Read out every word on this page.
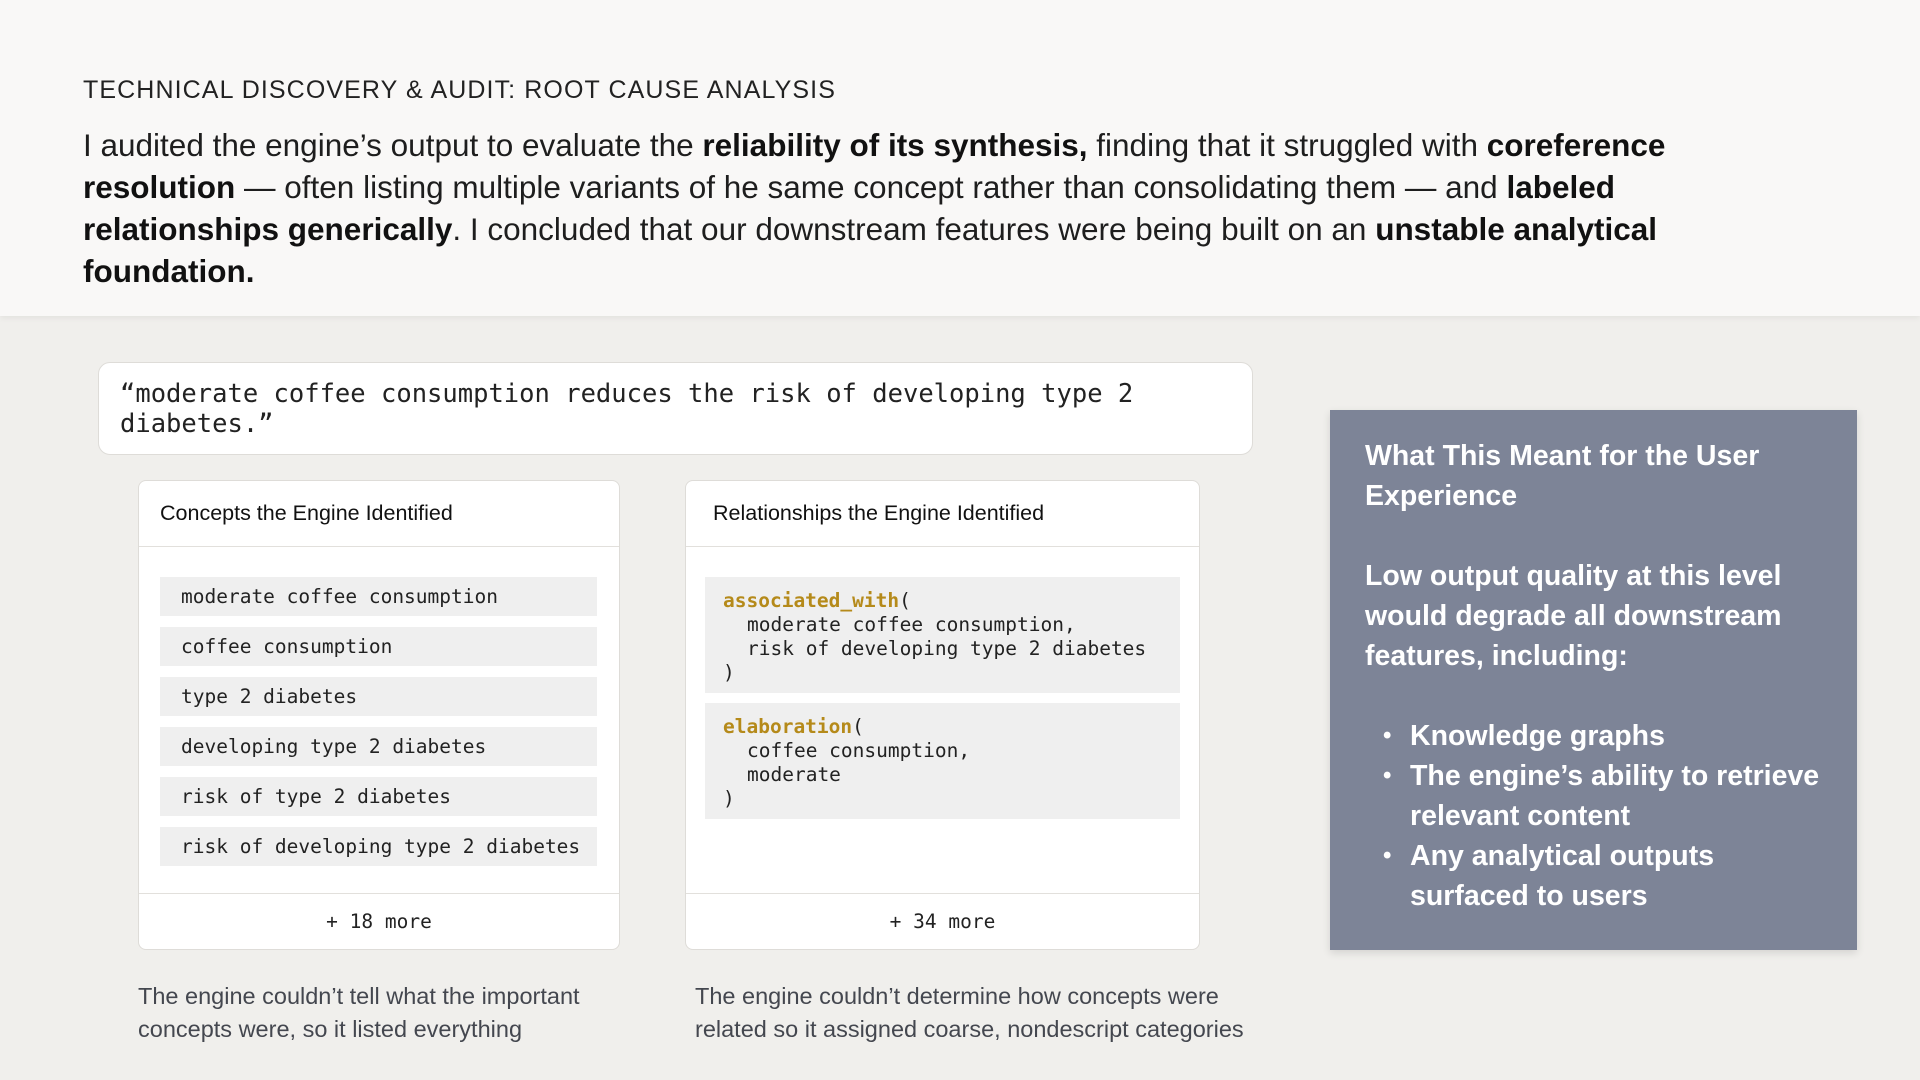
TECHNICAL DISCOVERY & AUDIT: ROOT CAUSE ANALYSIS

I audited the engine’s output to evaluate the reliability of its synthesis, finding that it struggled with coreference resolution — often listing multiple variants of he same concept rather than consolidating them — and labeled relationships generically. I concluded that our downstream features were being built on an unstable analytical foundation.

“moderate coffee consumption reduces the risk of developing type 2 diabetes.”
Concepts the Engine Identified
moderate coffee consumption
coffee consumption
type 2 diabetes
developing type 2 diabetes
risk of type 2 diabetes
risk of developing type 2 diabetes
+ 18 more
Relationships the Engine Identified
associated_with(
moderate coffee consumption,
risk of developing type 2 diabetes
)
elaboration(
coffee consumption,
moderate
)
+ 34 more

The engine couldn’t tell what the important concepts were, so it listed everything

The engine couldn’t determine how concepts were related so it assigned coarse, nondescript categories

What This Meant for the User Experience
Low output quality at this level would degrade all downstream features, including:
• Knowledge graphs
• The engine’s ability to retrieve relevant content
• Any analytical outputs surfaced to users
